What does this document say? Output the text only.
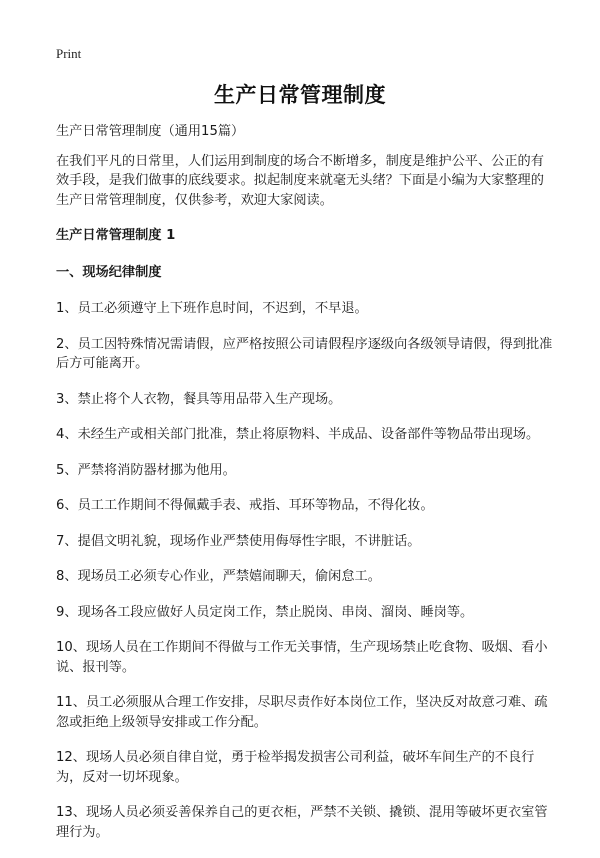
Print
生产日常管理制度

生产日常管理制度（通用15篇）

在我们平凡的日常里，人们运用到制度的场合不断增多，制度是维护公平、公正的有效手段，是我们做事的底线要求。拟起制度来就毫无头绪？下面是小编为大家整理的生产日常管理制度，仅供参考，欢迎大家阅读。

生产日常管理制度 1

一、现场纪律制度

1、员工必须遵守上下班作息时间，不迟到，不早退。

2、员工因特殊情况需请假，应严格按照公司请假程序逐级向各级领导请假，得到批准后方可能离开。

3、禁止将个人衣物，餐具等用品带入生产现场。

4、未经生产或相关部门批准，禁止将原物料、半成品、设备部件等物品带出现场。

5、严禁将消防器材挪为他用。

6、员工工作期间不得佩戴手表、戒指、耳环等物品，不得化妆。

7、提倡文明礼貌，现场作业严禁使用侮辱性字眼，不讲脏话。

8、现场员工必须专心作业，严禁嬉闹聊天，偷闲怠工。

9、现场各工段应做好人员定岗工作，禁止脱岗、串岗、溜岗、睡岗等。

10、现场人员在工作期间不得做与工作无关事情，生产现场禁止吃食物、吸烟、看小说、报刊等。

11、员工必须服从合理工作安排，尽职尽责作好本岗位工作，坚决反对故意刁难、疏忽或拒绝上级领导安排或工作分配。

12、现场人员必须自律自觉，勇于检举揭发损害公司利益，破坏车间生产的不良行为，反对一切坏现象。

13、现场人员必须妥善保养自己的更衣柜，严禁不关锁、撬锁、混用等破坏更衣室管理行为。
